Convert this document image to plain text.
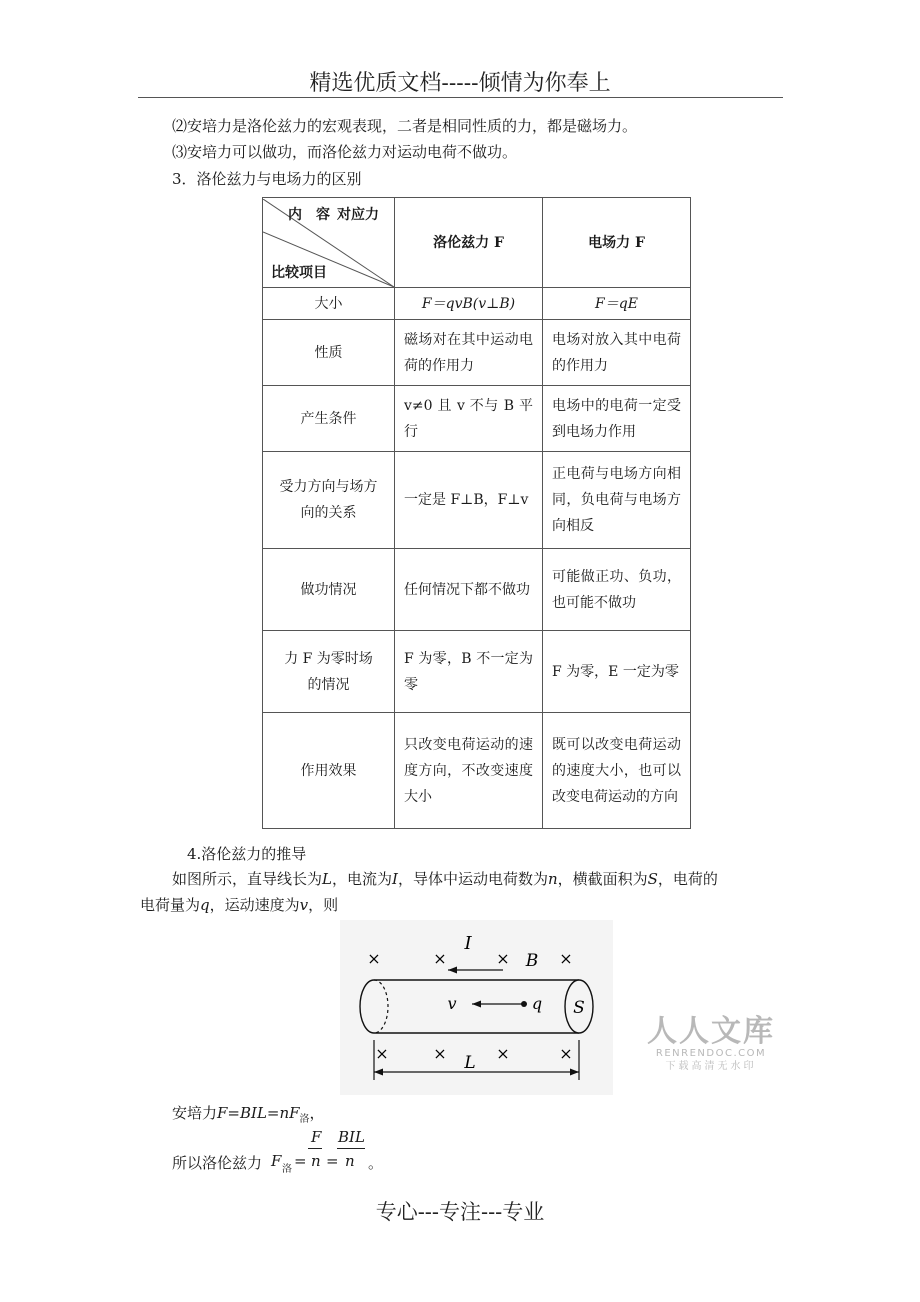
精选优质文档-----倾情为你奉上
⑵安培力是洛伦兹力的宏观表现，二者是相同性质的力，都是磁场力。
⑶安培力可以做功，而洛伦兹力对运动电荷不做功。
3．洛伦兹力与电场力的区别
内　容 对应力
比较项目	洛伦兹力 F	电场力 F
大小	F＝qvB(v⊥B)	F＝qE
性质	磁场对在其中运动电荷的作用力	电场对放入其中电荷的作用力
产生条件	v≠0 且 v 不与 B 平行	电场中的电荷一定受到电场力作用
受力方向与场方向的关系	一定是 F⊥B，F⊥v	正电荷与电场方向相同，负电荷与电场方向相反
做功情况	任何情况下都不做功	可能做正功、负功，也可能不做功
力 F 为零时场的情况	F 为零，B 不一定为零	F 为零，E 一定为零
作用效果	只改变电荷运动的速度方向，不改变速度大小	既可以改变电荷运动的速度大小，也可以改变电荷运动的方向
4.洛伦兹力的推导
如图所示，直导线长为L，电流为I，导体中运动电荷数为n，横截面积为S，电荷的
电荷量为q，运动速度为v，则
×	×	×	×
I
B
S
v	q
×	×	×	×
L
人人文库
RENRENDOC.COM
下载高清无水印
安培力$F=BIL=nF_洛$，
所以洛伦兹力 F 洛 =
F
n =
BIL
n 。
专心---专注---专业
